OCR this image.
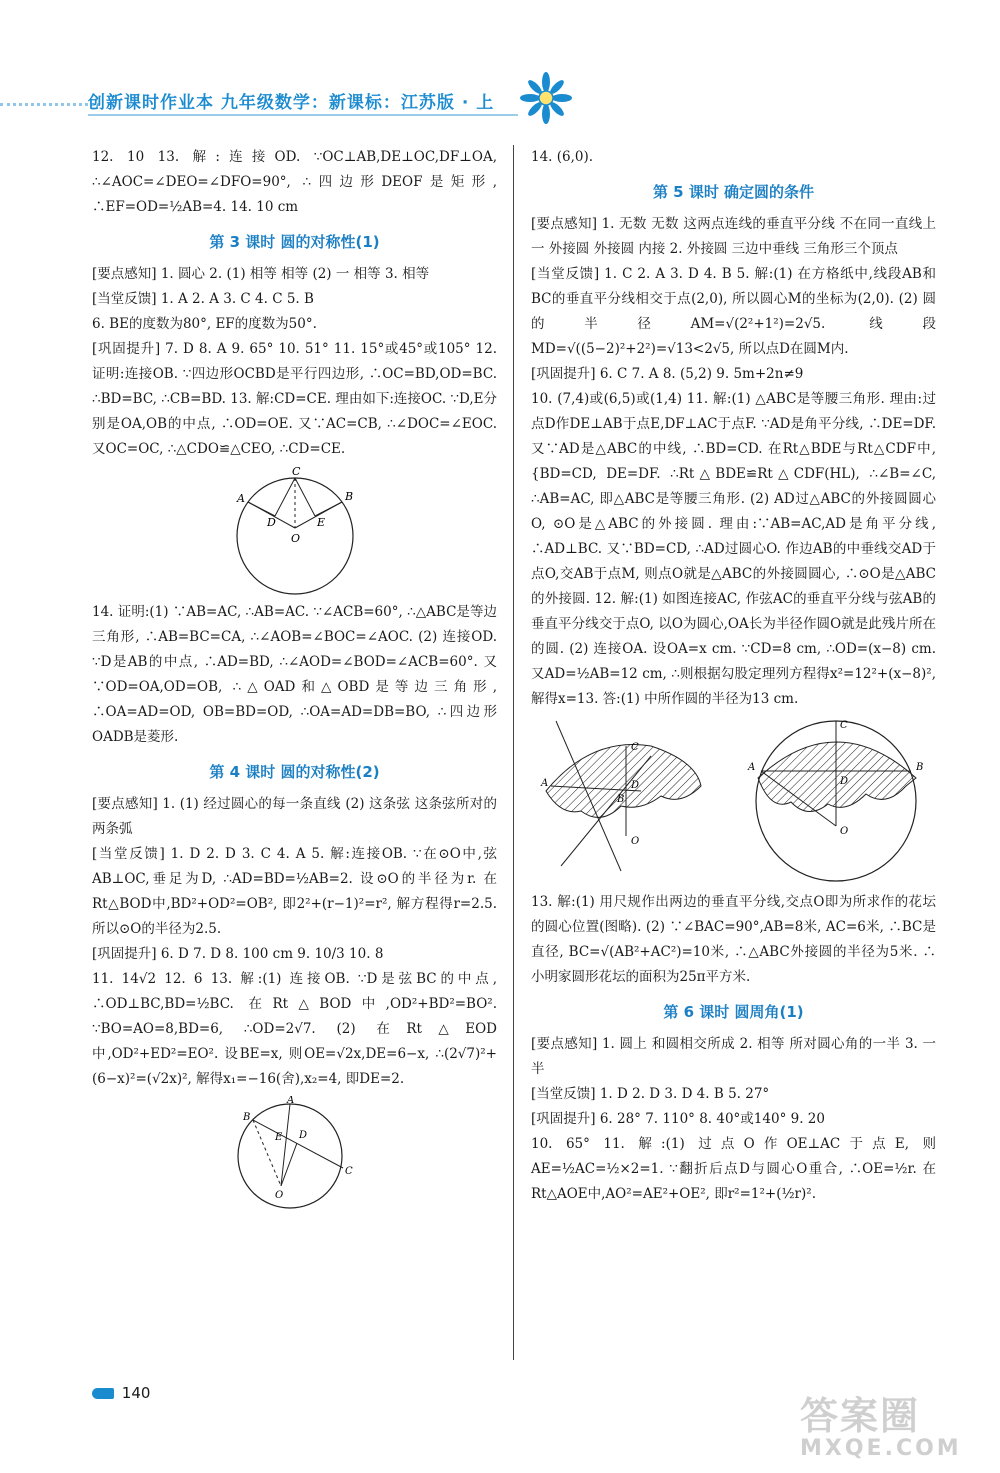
创新课时作业本 九年级数学：新课标：江苏版 · 上

12. 10 13. 解:连接OD. ∵OC⊥AB,DE⊥OC,DF⊥OA, ∴∠AOC=∠DEO=∠DFO=90°, ∴四边形DEOF是矩形, ∴EF=OD=½AB=4. 14. 10 cm

第 3 课时 圆的对称性(1)

[要点感知] 1. 圆心 2. (1) 相等 相等 (2) 一 相等 3. 相等

[当堂反馈] 1. A 2. A 3. C 4. C 5. B

6. BE的度数为80°, EF的度数为50°.

[巩固提升] 7. D 8. A 9. 65° 10. 51° 11. 15°或45°或105° 12. 证明:连接OB. ∵四边形OCBD是平行四边形, ∴OC=BD,OD=BC. ∴BD=BC, ∴CB=BD. 13. 解:CD=CE. 理由如下:连接OC. ∵D,E分别是OA,OB的中点, ∴OD=OE. 又∵AC=CB, ∴∠DOC=∠EOC. 又OC=OC, ∴△CDO≌△CEO, ∴CD=CE.

C
A	B
D	E
O

14. 证明:(1) ∵AB=AC, ∴AB=AC. ∵∠ACB=60°, ∴△ABC是等边三角形, ∴AB=BC=CA, ∴∠AOB=∠BOC=∠AOC. (2) 连接OD. ∵D是AB的中点, ∴AD=BD, ∴∠AOD=∠BOD=∠ACB=60°. 又∵OD=OA,OD=OB, ∴△OAD和△OBD是等边三角形, ∴OA=AD=OD, OB=BD=OD, ∴OA=AD=DB=BO, ∴四边形OADB是菱形.

第 4 课时 圆的对称性(2)

[要点感知] 1. (1) 经过圆心的每一条直线 (2) 这条弦 这条弦所对的两条弧

[当堂反馈] 1. D 2. D 3. C 4. A 5. 解:连接OB. ∵在⊙O中,弦AB⊥OC,垂足为D, ∴AD=BD=½AB=2. 设⊙O的半径为r. 在Rt△BOD中,BD²+OD²=OB², 即2²+(r−1)²=r², 解方程得r=2.5. 所以⊙O的半径为2.5.

[巩固提升] 6. D 7. D 8. 100 cm 9. 10/3 10. 8

11. 14√2 12. 6 13. 解:(1) 连接OB. ∵D是弦BC的中点, ∴OD⊥BC,BD=½BC. 在Rt△BOD中,OD²+BD²=BO². ∵BO=AO=8,BD=6, ∴OD=2√7. (2) 在Rt△EOD中,OD²+ED²=EO². 设BE=x, 则OE=√2x,DE=6−x, ∴(2√7)²+(6−x)²=(√2x)², 解得x₁=−16(舍),x₂=4, 即DE=2.

A
B
E D
O
C

14. (6,0).

第 5 课时 确定圆的条件

[要点感知] 1. 无数 无数 这两点连线的垂直平分线 不在同一直线上 一 外接圆 外接圆 内接 2. 外接圆 三边中垂线 三角形三个顶点

[当堂反馈] 1. C 2. A 3. D 4. B 5. 解:(1) 在方格纸中,线段AB和BC的垂直平分线相交于点(2,0), 所以圆心M的坐标为(2,0). (2) 圆的半径AM=√(2²+1²)=2√5. 线段MD=√((5−2)²+2²)=√13<2√5, 所以点D在圆M内.

[巩固提升] 6. C 7. A 8. (5,2) 9. 5m+2n≠9

10. (7,4)或(6,5)或(1,4) 11. 解:(1) △ABC是等腰三角形. 理由:过点D作DE⊥AB于点E,DF⊥AC于点F. ∵AD是角平分线, ∴DE=DF. 又∵AD是△ABC的中线, ∴BD=CD. 在Rt△BDE与Rt△CDF中, {BD=CD, DE=DF. ∴Rt△BDE≌Rt△CDF(HL), ∴∠B=∠C, ∴AB=AC, 即△ABC是等腰三角形. (2) AD过△ABC的外接圆圆心O, ⊙O是△ABC的外接圆. 理由:∵AB=AC,AD是角平分线, ∴AD⊥BC. 又∵BD=CD, ∴AD过圆心O. 作边AB的中垂线交AD于点O,交AB于点M, 则点O就是△ABC的外接圆圆心, ∴⊙O是△ABC的外接圆. 12. 解:(1) 如图连接AC, 作弦AC的垂直平分线与弦AB的垂直平分线交于点O, 以O为圆心,OA长为半径作圆O就是此残片所在的圆. (2) 连接OA. 设OA=x cm. ∵CD=8 cm, ∴OD=(x−8) cm. 又AD=½AB=12 cm, ∴则根据勾股定理列方程得x²=12²+(x−8)², 解得x=13. 答:(1) 中所作圆的半径为13 cm.

C
A
B
D
O
C
A	B
D
O

13. 解:(1) 用尺规作出两边的垂直平分线,交点O即为所求作的花坛的圆心位置(图略). (2) ∵∠BAC=90°,AB=8米, AC=6米, ∴BC是直径, BC=√(AB²+AC²)=10米, ∴△ABC外接圆的半径为5米. ∴小明家圆形花坛的面积为25π平方米.

第 6 课时 圆周角(1)

[要点感知] 1. 圆上 和圆相交所成 2. 相等 所对圆心角的一半 3. 一半

[当堂反馈] 1. D 2. D 3. D 4. B 5. 27°

[巩固提升] 6. 28° 7. 110° 8. 40°或140° 9. 20

10. 65° 11. 解:(1) 过点O作OE⊥AC于点E, 则AE=½AC=½×2=1. ∵翻折后点D与圆心O重合, ∴OE=½r. 在Rt△AOE中,AO²=AE²+OE², 即r²=1²+(½r)².

140
答案圈
MXQE.COM
